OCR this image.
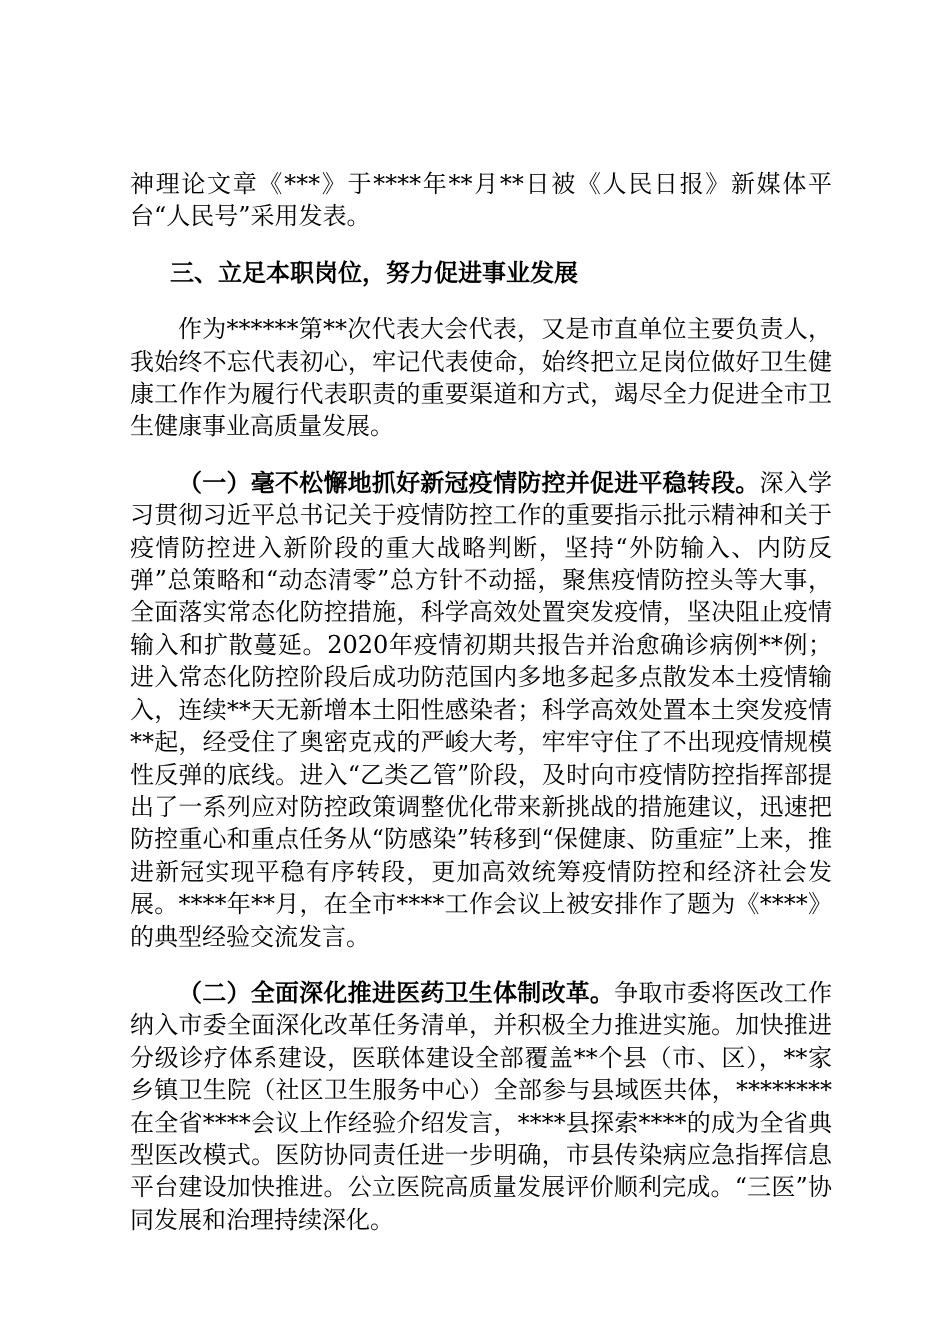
神理论文章《***》于****年**月**日被《人民日报》新媒体平台“人民号”采用发表。

三、立足本职岗位，努力促进事业发展

作为******第**次代表大会代表，又是市直单位主要负责人，我始终不忘代表初心，牢记代表使命，始终把立足岗位做好卫生健康工作作为履行代表职责的重要渠道和方式，竭尽全力促进全市卫生健康事业高质量发展。

（一）毫不松懈地抓好新冠疫情防控并促进平稳转段。深入学习贯彻习近平总书记关于疫情防控工作的重要指示批示精神和关于疫情防控进入新阶段的重大战略判断，坚持“外防输入、内防反弹”总策略和“动态清零”总方针不动摇，聚焦疫情防控头等大事，全面落实常态化防控措施，科学高效处置突发疫情，坚决阻止疫情输入和扩散蔓延。2020年疫情初期共报告并治愈确诊病例**例；进入常态化防控阶段后成功防范国内多地多起多点散发本土疫情输入，连续**天无新增本土阳性感染者；科学高效处置本土突发疫情**起，经受住了奥密克戎的严峻大考，牢牢守住了不出现疫情规模性反弹的底线。进入“乙类乙管”阶段，及时向市疫情防控指挥部提出了一系列应对防控政策调整优化带来新挑战的措施建议，迅速把防控重心和重点任务从“防感染”转移到“保健康、防重症”上来，推进新冠实现平稳有序转段，更加高效统筹疫情防控和经济社会发展。****年**月，在全市****工作会议上被安排作了题为《****》的典型经验交流发言。

（二）全面深化推进医药卫生体制改革。争取市委将医改工作纳入市委全面深化改革任务清单，并积极全力推进实施。加快推进分级诊疗体系建设，医联体建设全部覆盖**个县（市、区），**家乡镇卫生院（社区卫生服务中心）全部参与县域医共体，********在全省****会议上作经验介绍发言，****县探索****的成为全省典型医改模式。医防协同责任进一步明确，市县传染病应急指挥信息平台建设加快推进。公立医院高质量发展评价顺利完成。“三医”协同发展和治理持续深化。
